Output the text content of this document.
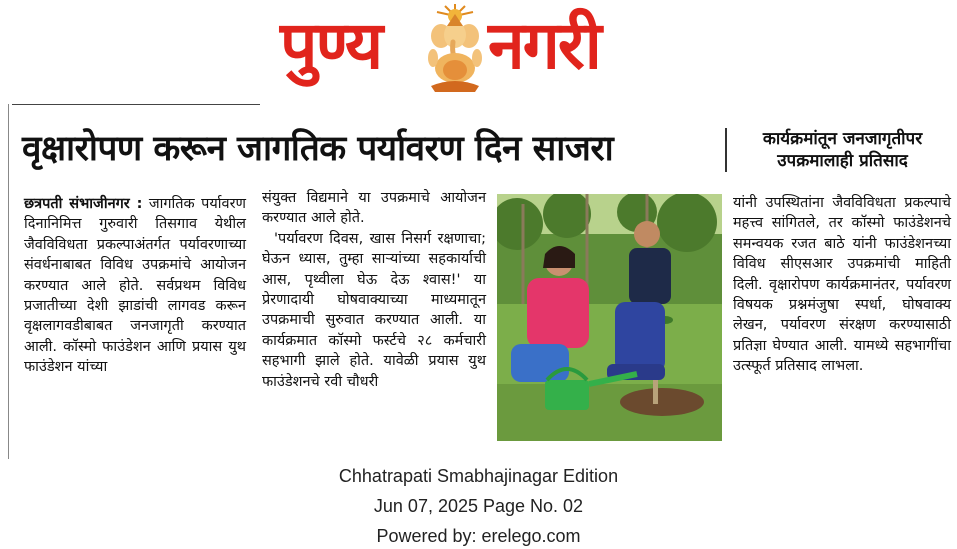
पुण्य नगरी
वृक्षारोपण करून जागतिक पर्यावरण दिन साजरा	कार्यक्रमांतून जनजागृतीपर उपक्रमालाही प्रतिसाद

छत्रपती संभाजीनगर : जागतिक पर्यावरण दिनानिमित्त गुरुवारी तिसगाव येथील जैवविविधता प्रकल्पाअंतर्गत पर्यावरणाच्या संवर्धनाबाबत विविध उपक्रमांचे आयोजन करण्यात आले होते. सर्वप्रथम विविध प्रजातीच्या देशी झाडांची लागवड करून वृक्षलागवडीबाबत जनजागृती करण्यात आली. कॉस्मो फाउंडेशन आणि प्रयास युथ फाउंडेशन यांच्या

संयुक्त विद्यमाने या उपक्रमाचे आयोजन करण्यात आले होते.

'पर्यावरण दिवस, खास निसर्ग रक्षणाचा; घेऊन ध्यास, तुम्हा साऱ्यांच्या सहकार्याची आस, पृथ्वीला घेऊ देऊ श्वास!' या प्रेरणादायी घोषवाक्याच्या माध्यमातून उपक्रमाची सुरुवात करण्यात आली. या कार्यक्रमात कॉस्मो फर्स्टचे २८ कर्मचारी सहभागी झाले होते. यावेळी प्रयास युथ फाउंडेशनचे रवी चौधरी

यांनी उपस्थितांना जैवविविधता प्रकल्पाचे महत्त्व सांगितले, तर कॉस्मो फाउंडेशनचे समन्वयक रजत बाठे यांनी फाउंडेशनच्या विविध सीएसआर उपक्रमांची माहिती दिली. वृक्षारोपण कार्यक्रमानंतर, पर्यावरण विषयक प्रश्नमंजुषा स्पर्धा, घोषवाक्य लेखन, पर्यावरण संरक्षण करण्यासाठी प्रतिज्ञा घेण्यात आली. यामध्ये सहभागींचा उत्स्फूर्त प्रतिसाद लाभला.

Chhatrapati Smabhajinagar Edition
Jun 07, 2025 Page No. 02
Powered by: erelego.com
